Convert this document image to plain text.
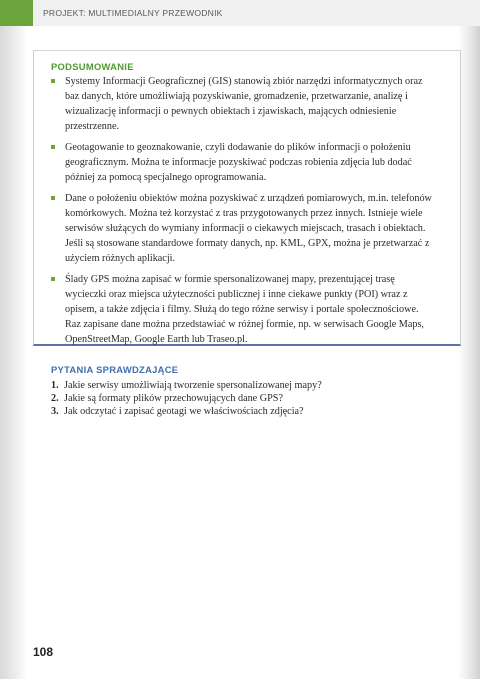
PROJEKT: MULTIMEDIALNY PRZEWODNIK
PODSUMOWANIE
Systemy Informacji Geograficznej (GIS) stanowią zbiór narzędzi informatycznych oraz baz danych, które umożliwiają pozyskiwanie, gromadzenie, przetwarzanie, analizę i wizualizację informacji o pewnych obiektach i zjawiskach, mających odniesienie przestrzenne.
Geotagowanie to geoznakowanie, czyli dodawanie do plików informacji o położeniu geograficznym. Można te informacje pozyskiwać podczas robienia zdjęcia lub dodać później za pomocą specjalnego oprogramowania.
Dane o położeniu obiektów można pozyskiwać z urządzeń pomiarowych, m.in. telefonów komórkowych. Można też korzystać z tras przygotowanych przez innych. Istnieje wiele serwisów służących do wymiany informacji o ciekawych miejscach, trasach i obiektach. Jeśli są stosowane standardowe formaty danych, np. KML, GPX, można je przetwarzać z użyciem różnych aplikacji.
Ślady GPS można zapisać w formie spersonalizowanej mapy, prezentującej trasę wycieczki oraz miejsca użyteczności publicznej i inne ciekawe punkty (POI) wraz z opisem, a także zdjęcia i filmy. Służą do tego różne serwisy i portale społecznościowe. Raz zapisane dane można przedstawiać w różnej formie, np. w serwisach Google Maps, OpenStreetMap, Google Earth lub Traseo.pl.
PYTANIA SPRAWDZAJĄCE
1. Jakie serwisy umożliwiają tworzenie spersonalizowanej mapy?
2. Jakie są formaty plików przechowujących dane GPS?
3. Jak odczytać i zapisać geotagi we właściwościach zdjęcia?
108
